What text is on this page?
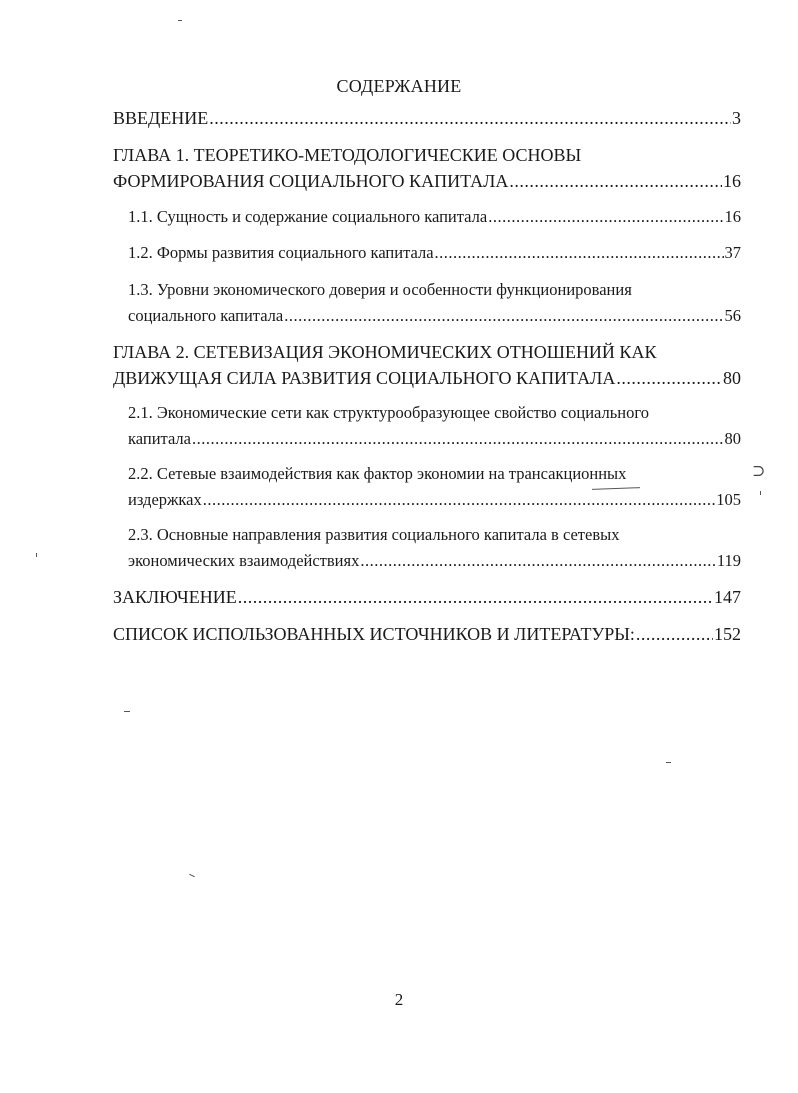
СОДЕРЖАНИЕ
ВВЕДЕНИЕ .....	3
ГЛАВА 1. ТЕОРЕТИКО-МЕТОДОЛОГИЧЕСКИЕ ОСНОВЫ
ФОРМИРОВАНИЯ СОЦИАЛЬНОГО КАПИТАЛА .....	16
1.1. Сущность и содержание социального капитала .....	16
1.2. Формы развития социального капитала .....	37
1.3. Уровни экономического доверия и особенности функционирования
социального капитала .....	56
ГЛАВА 2. СЕТЕВИЗАЦИЯ ЭКОНОМИЧЕСКИХ ОТНОШЕНИЙ КАК
ДВИЖУЩАЯ СИЛА РАЗВИТИЯ СОЦИАЛЬНОГО КАПИТАЛА .....	80
2.1. Экономические сети как структурообразующее свойство социального
капитала .....	80
2.2. Сетевые взаимодействия как фактор экономии на трансакционных
издержках .....	105
2.3. Основные направления развития социального капитала в сетевых
экономических взаимодействиях .....	119
ЗАКЛЮЧЕНИЕ .....	147
СПИСОК ИСПОЛЬЗОВАННЫХ ИСТОЧНИКОВ И ЛИТЕРАТУРЫ: .....	152
⊃
2
